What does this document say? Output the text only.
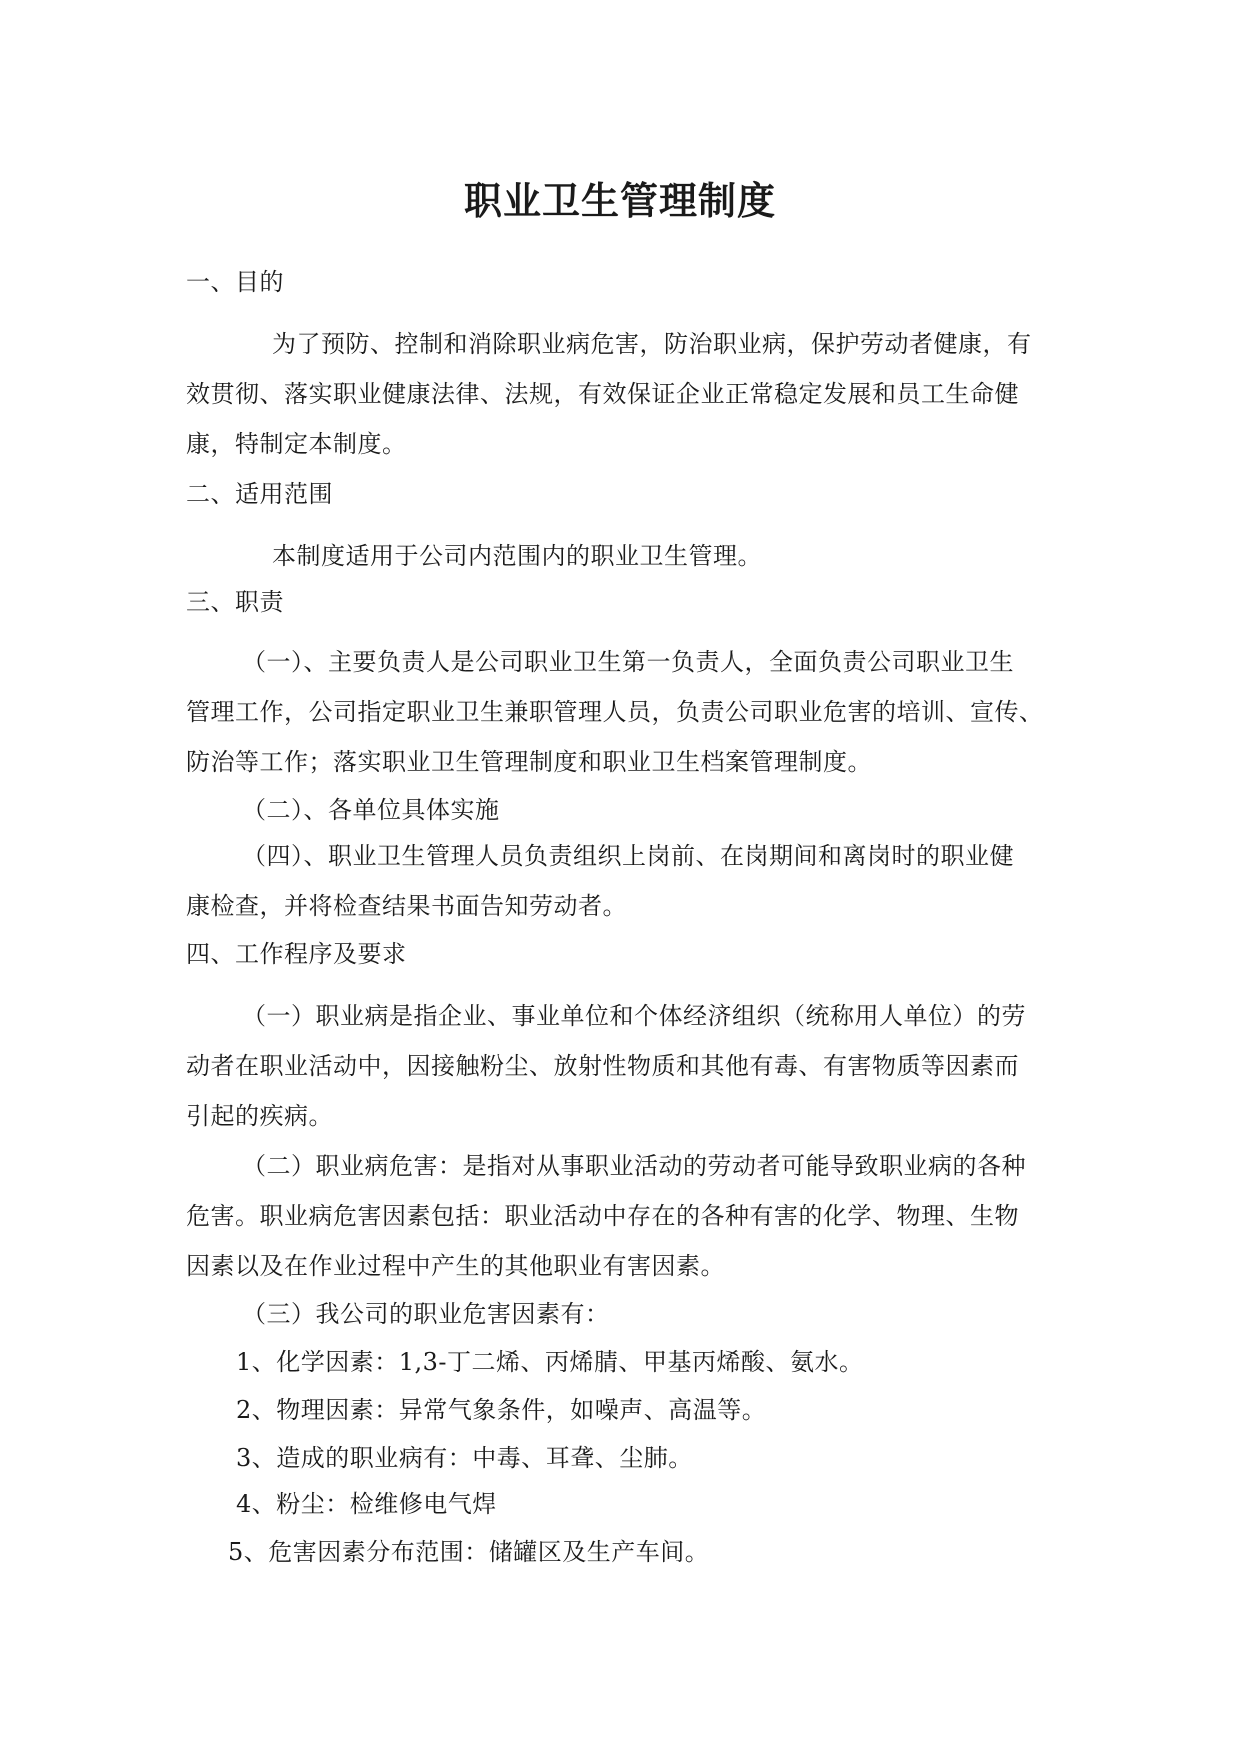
职业卫生管理制度
一、目的
为了预防、控制和消除职业病危害，防治职业病，保护劳动者健康，有
效贯彻、落实职业健康法律、法规，有效保证企业正常稳定发展和员工生命健
康，特制定本制度。
二、适用范围
本制度适用于公司内范围内的职业卫生管理。
三、职责
（一）、主要负责人是公司职业卫生第一负责人，全面负责公司职业卫生
管理工作，公司指定职业卫生兼职管理人员，负责公司职业危害的培训、宣传、
防治等工作；落实职业卫生管理制度和职业卫生档案管理制度。
（二）、各单位具体实施
（四）、职业卫生管理人员负责组织上岗前、在岗期间和离岗时的职业健
康检查，并将检查结果书面告知劳动者。
四、工作程序及要求
（一）职业病是指企业、事业单位和个体经济组织（统称用人单位）的劳
动者在职业活动中，因接触粉尘、放射性物质和其他有毒、有害物质等因素而
引起的疾病。
（二）职业病危害：是指对从事职业活动的劳动者可能导致职业病的各种
危害。职业病危害因素包括：职业活动中存在的各种有害的化学、物理、生物
因素以及在作业过程中产生的其他职业有害因素。
（三）我公司的职业危害因素有：
1、化学因素：1,3-丁二烯、丙烯腈、甲基丙烯酸、氨水。
2、物理因素：异常气象条件，如噪声、高温等。
3、造成的职业病有：中毒、耳聋、尘肺。
4、粉尘：检维修电气焊
5、危害因素分布范围：储罐区及生产车间。
